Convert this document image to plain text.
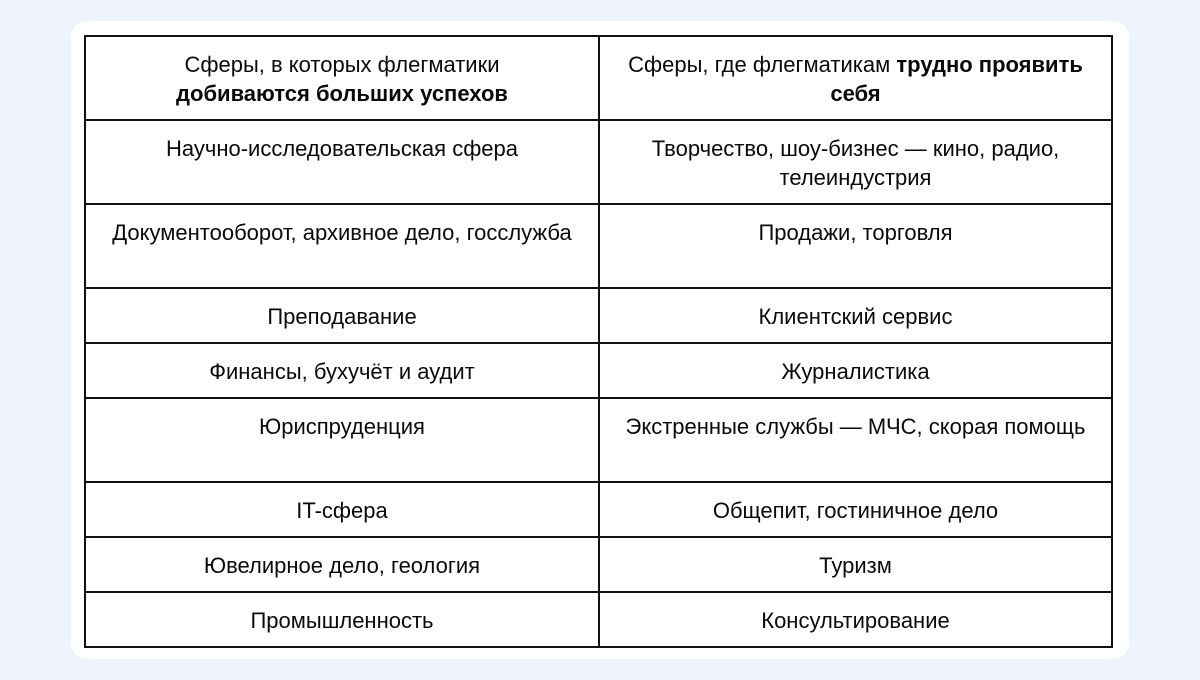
Сферы, в которых флегматики
добиваются больших успехов	Сферы, где флегматикам трудно проявить себя
Научно-исследовательская сфера	Творчество, шоу-бизнес — кино, радио, телеиндустрия
Документооборот, архивное дело, госслужба	Продажи, торговля
Преподавание	Клиентский сервис
Финансы, бухучёт и аудит	Журналистика
Юриспруденция	Экстренные службы — МЧС, скорая помощь
IT-сфера	Общепит, гостиничное дело
Ювелирное дело, геология	Туризм
Промышленность	Консультирование
